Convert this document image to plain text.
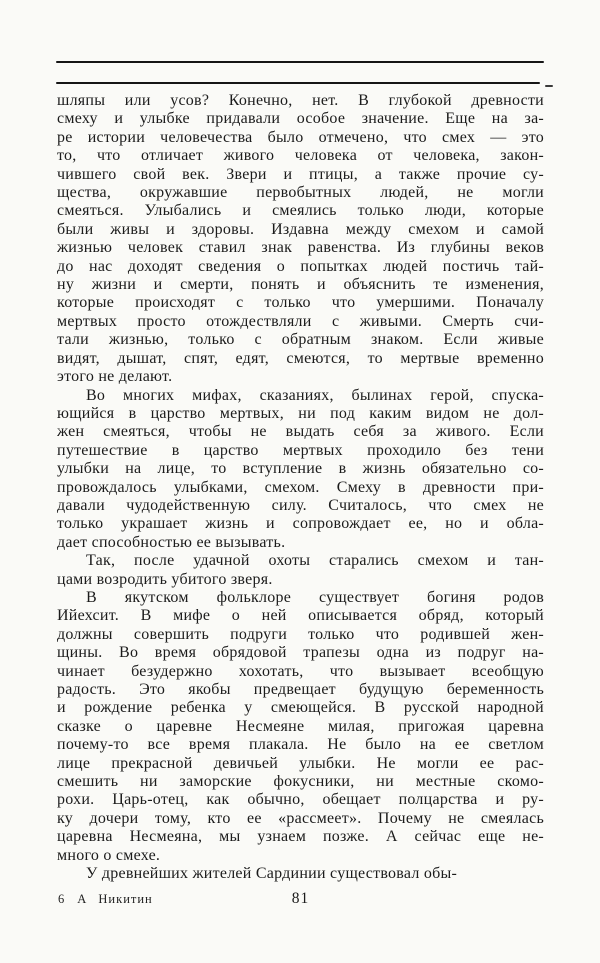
шляпы или усов? Конечно, нет. В глубокой древности
смеху и улыбке придавали особое значение. Еще на за-
ре истории человечества было отмечено, что смех — это
то, что отличает живого человека от человека, закон-
чившего свой век. Звери и птицы, а также прочие су-
щества, окружавшие первобытных людей, не могли
смеяться. Улыбались и смеялись только люди, которые
были живы и здоровы. Издавна между смехом и самой
жизнью человек ставил знак равенства. Из глубины веков
до нас доходят сведения о попытках людей постичь тай-
ну жизни и смерти, понять и объяснить те изменения,
которые происходят с только что умершими. Поначалу
мертвых просто отождествляли с живыми. Смерть счи-
тали жизнью, только с обратным знаком. Если живые
видят, дышат, спят, едят, смеются, то мертвые временно
этого не делают.
Во многих мифах, сказаниях, былинах герой, спуска-
ющийся в царство мертвых, ни под каким видом не дол-
жен смеяться, чтобы не выдать себя за живого. Если
путешествие в царство мертвых проходило без тени
улыбки на лице, то вступление в жизнь обязательно со-
провождалось улыбками, смехом. Смеху в древности при-
давали чудодейственную силу. Считалось, что смех не
только украшает жизнь и сопровождает ее, но и обла-
дает способностью ее вызывать.
Так, после удачной охоты старались смехом и тан-
цами возродить убитого зверя.
В якутском фольклоре существует богиня родов
Ийехсит. В мифе о ней описывается обряд, который
должны совершить подруги только что родившей жен-
щины. Во время обрядовой трапезы одна из подруг на-
чинает безудержно хохотать, что вызывает всеобщую
радость. Это якобы предвещает будущую беременность
и рождение ребенка у смеющейся. В русской народной
сказке о царевне Несмеяне милая, пригожая царевна
почему-то все время плакала. Не было на ее светлом
лице прекрасной девичьей улыбки. Не могли ее рас-
смешить ни заморские фокусники, ни местные скомо-
рохи. Царь-отец, как обычно, обещает полцарства и ру-
ку дочери тому, кто ее «рассмеет». Почему не смеялась
царевна Несмеяна, мы узнаем позже. А сейчас еще не-
много о смехе.
У древнейших жителей Сардинии существовал обы-
6 А Никитин	81
